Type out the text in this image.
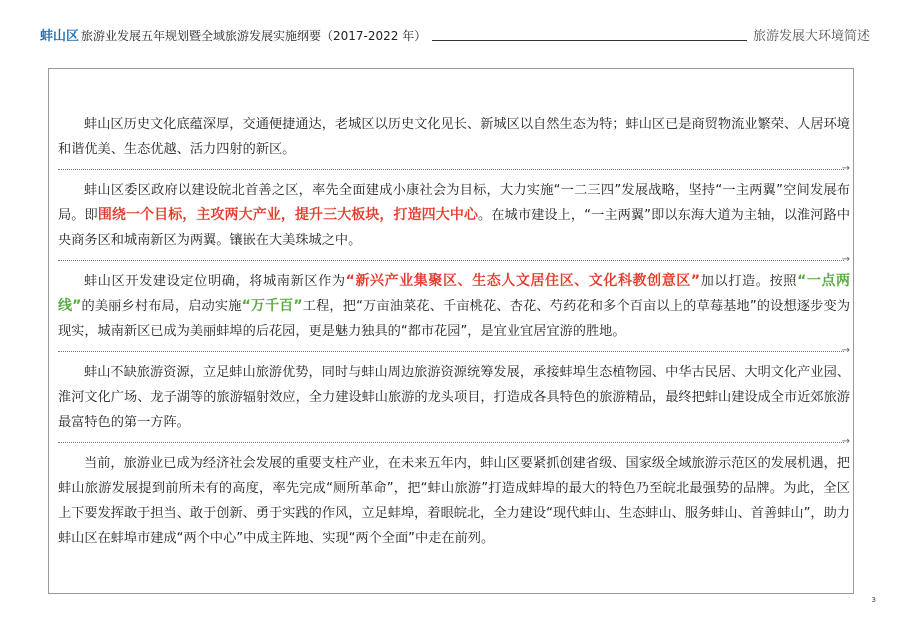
蚌山区 旅游业发展五年规划暨全域旅游发展实施纲要（2017-2022 年）	旅游发展大环境简述

蚌山区历史文化底蕴深厚，交通便捷通达，老城区以历史文化见长、新城区以自然生态为特；蚌山区已是商贸物流业繁荣、人居环境和谐优美、生态优越、活力四射的新区。

→

蚌山区委区政府以建设皖北首善之区，率先全面建成小康社会为目标，大力实施“一二三四”发展战略，坚持“一主两翼”空间发展布局。即围绕一个目标，主攻两大产业，提升三大板块，打造四大中心。在城市建设上，“一主两翼”即以东海大道为主轴，以淮河路中央商务区和城南新区为两翼。镶嵌在大美珠城之中。

→

蚌山区开发建设定位明确，将城南新区作为“新兴产业集聚区、生态人文居住区、文化科教创意区”加以打造。按照“一点两线”的美丽乡村布局，启动实施“万千百”工程，把“万亩油菜花、千亩桃花、杏花、芍药花和多个百亩以上的草莓基地”的设想逐步变为现实，城南新区已成为美丽蚌埠的后花园，更是魅力独具的“都市花园”，是宜业宜居宜游的胜地。

→

蚌山不缺旅游资源，立足蚌山旅游优势，同时与蚌山周边旅游资源统筹发展，承接蚌埠生态植物园、中华古民居、大明文化产业园、淮河文化广场、龙子湖等的旅游辐射效应，全力建设蚌山旅游的龙头项目，打造成各具特色的旅游精品，最终把蚌山建设成全市近郊旅游最富特色的第一方阵。

→

当前，旅游业已成为经济社会发展的重要支柱产业，在未来五年内，蚌山区要紧抓创建省级、国家级全域旅游示范区的发展机遇，把蚌山旅游发展提到前所未有的高度，率先完成“厕所革命”，把“蚌山旅游”打造成蚌埠的最大的特色乃至皖北最强势的品牌。为此，全区上下要发挥敢于担当、敢于创新、勇于实践的作风，立足蚌埠，着眼皖北，全力建设“现代蚌山、生态蚌山、服务蚌山、首善蚌山”，助力蚌山区在蚌埠市建成“两个中心”中成主阵地、实现“两个全面”中走在前列。

3
